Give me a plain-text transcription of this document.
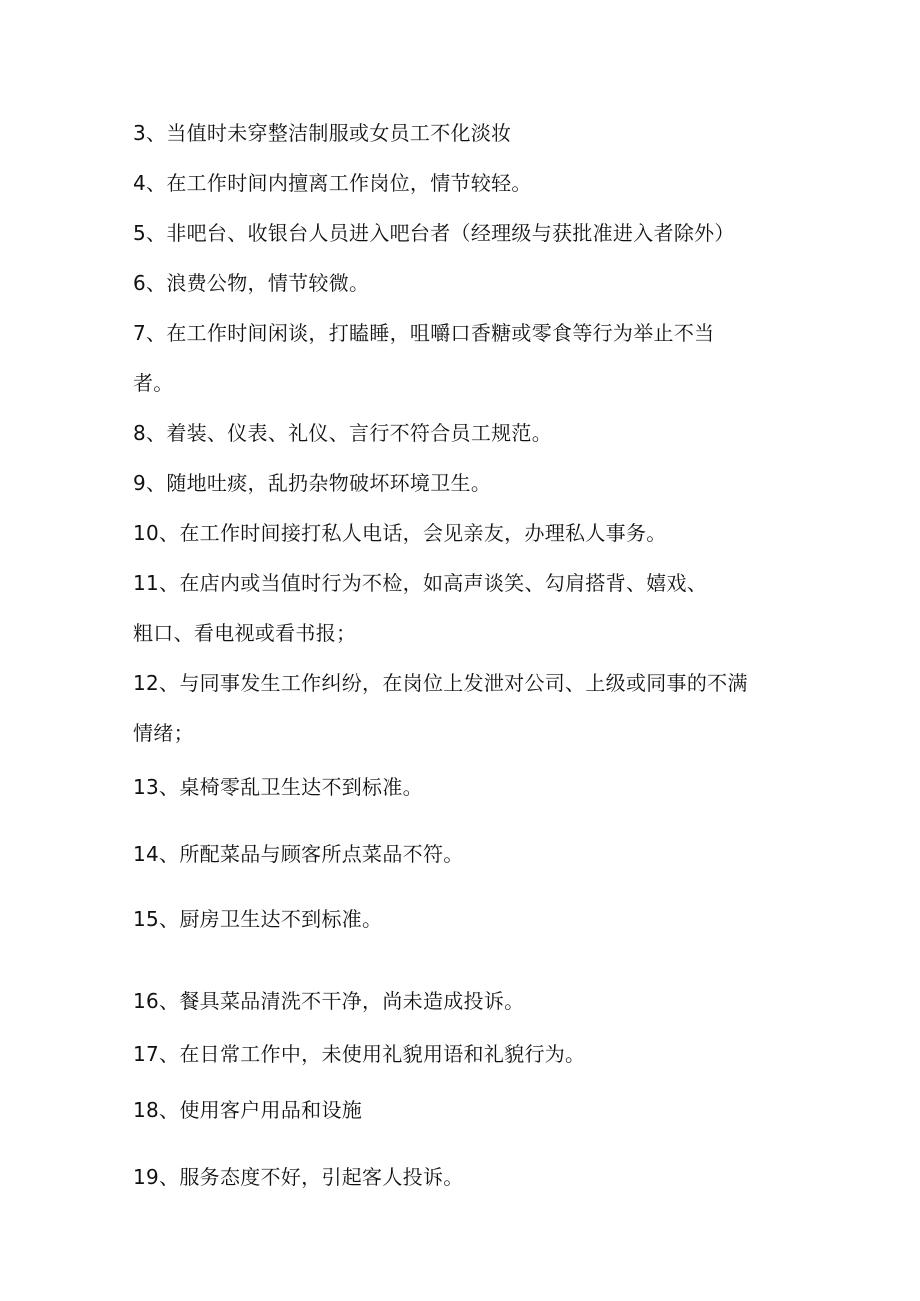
3、当值时未穿整洁制服或女员工不化淡妆
4、在工作时间内擅离工作岗位，情节较轻。
5、非吧台、收银台人员进入吧台者（经理级与获批准进入者除外）
6、浪费公物，情节较微。
7、在工作时间闲谈，打瞌睡，咀嚼口香糖或零食等行为举止不当
者。
8、着装、仪表、礼仪、言行不符合员工规范。
9、随地吐痰，乱扔杂物破坏环境卫生。
10、在工作时间接打私人电话，会见亲友，办理私人事务。
11、在店内或当值时行为不检，如高声谈笑、勾肩搭背、嬉戏、
粗口、看电视或看书报；
12、与同事发生工作纠纷，在岗位上发泄对公司、上级或同事的不满
情绪；
13、桌椅零乱卫生达不到标准。
14、所配菜品与顾客所点菜品不符。
15、厨房卫生达不到标准。
16、餐具菜品清洗不干净，尚未造成投诉。
17、在日常工作中，未使用礼貌用语和礼貌行为。
18、使用客户用品和设施
19、服务态度不好，引起客人投诉。
